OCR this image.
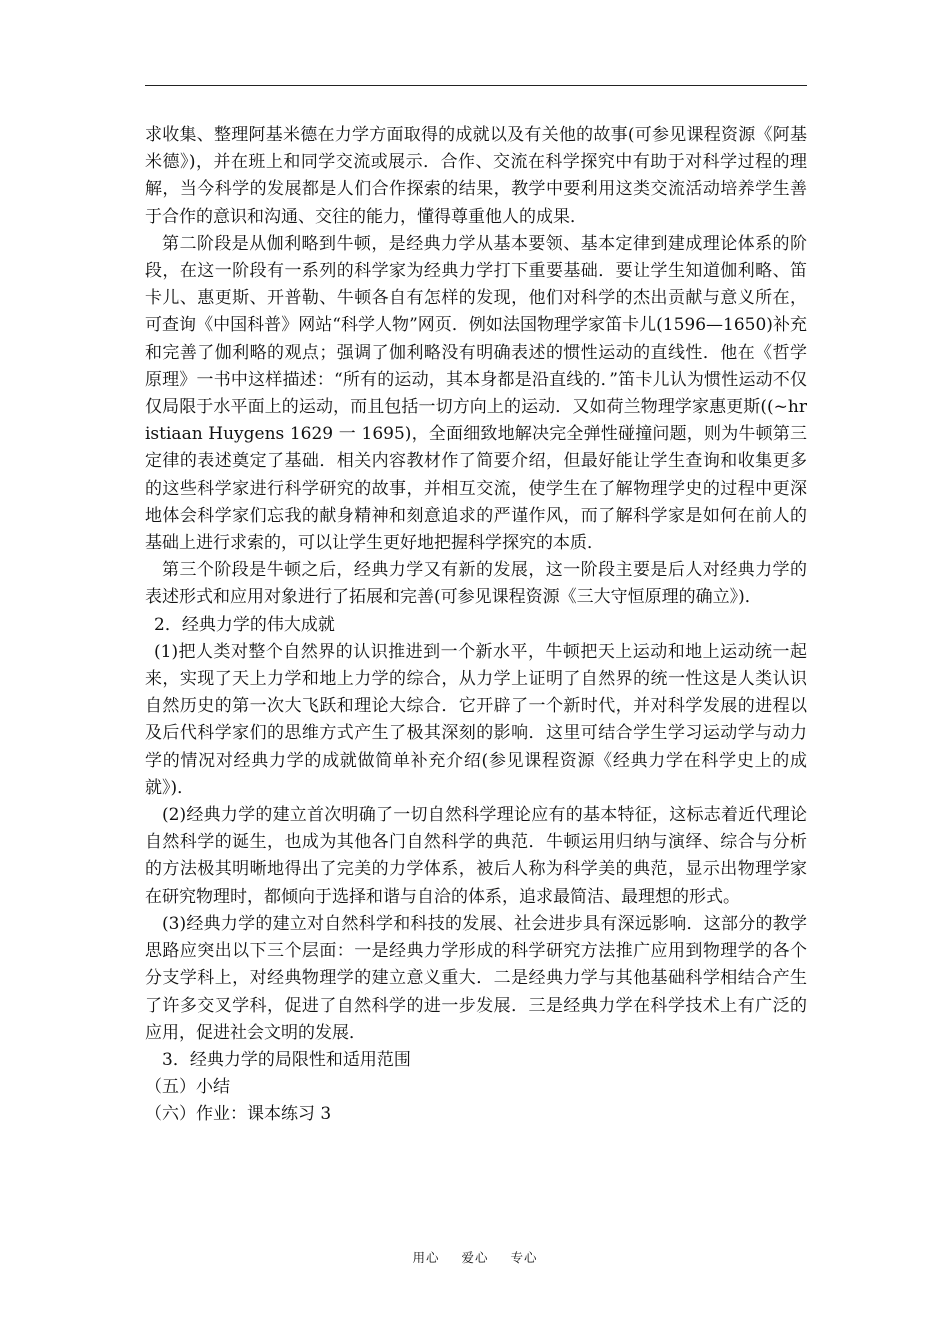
求收集、整理阿基米德在力学方面取得的成就以及有关他的故事(可参见课程资源《阿基米德》)，并在班上和同学交流或展示．合作、交流在科学探究中有助于对科学过程的理解，当今科学的发展都是人们合作探索的结果，教学中要利用这类交流活动培养学生善于合作的意识和沟通、交往的能力，懂得尊重他人的成果．

第二阶段是从伽利略到牛顿，是经典力学从基本要领、基本定律到建成理论体系的阶段，在这一阶段有一系列的科学家为经典力学打下重要基础．要让学生知道伽利略、笛卡儿、惠更斯、开普勒、牛顿各自有怎样的发现，他们对科学的杰出贡献与意义所在，可查询《中国科普》网站“科学人物”网页．例如法国物理学家笛卡儿(1596—1650)补充和完善了伽利略的观点；强调了伽利略没有明确表述的惯性运动的直线性．他在《哲学原理》一书中这样描述：“所有的运动，其本身都是沿直线的．”笛卡儿认为惯性运动不仅仅局限于水平面上的运动，而且包括一切方向上的运动．又如荷兰物理学家惠更斯((~hristiaan Huygens 1629 一 1695)，全面细致地解决完全弹性碰撞问题，则为牛顿第三定律的表述奠定了基础．相关内容教材作了简要介绍，但最好能让学生查询和收集更多的这些科学家进行科学研究的故事，并相互交流，使学生在了解物理学史的过程中更深地体会科学家们忘我的献身精神和刻意追求的严谨作风，而了解科学家是如何在前人的基础上进行求索的，可以让学生更好地把握科学探究的本质．

第三个阶段是牛顿之后，经典力学又有新的发展，这一阶段主要是后人对经典力学的表述形式和应用对象进行了拓展和完善(可参见课程资源《三大守恒原理的确立》)．

2．经典力学的伟大成就

(1)把人类对整个自然界的认识推进到一个新水平，牛顿把天上运动和地上运动统一起来，实现了天上力学和地上力学的综合，从力学上证明了自然界的统一性这是人类认识自然历史的第一次大飞跃和理论大综合．它开辟了一个新时代，并对科学发展的进程以及后代科学家们的思维方式产生了极其深刻的影响．这里可结合学生学习运动学与动力学的情况对经典力学的成就做简单补充介绍(参见课程资源《经典力学在科学史上的成就》)．

(2)经典力学的建立首次明确了一切自然科学理论应有的基本特征，这标志着近代理论自然科学的诞生，也成为其他各门自然科学的典范．牛顿运用归纳与演绎、综合与分析的方法极其明晰地得出了完美的力学体系，被后人称为科学美的典范，显示出物理学家在研究物理时，都倾向于选择和谐与自洽的体系，追求最简洁、最理想的形式。

(3)经典力学的建立对自然科学和科技的发展、社会进步具有深远影响．这部分的教学思路应突出以下三个层面：一是经典力学形成的科学研究方法推广应用到物理学的各个分支学科上，对经典物理学的建立意义重大．二是经典力学与其他基础科学相结合产生了许多交叉学科，促进了自然科学的进一步发展．三是经典力学在科学技术上有广泛的应用，促进社会文明的发展．

3．经典力学的局限性和适用范围

（五）小结

（六）作业：课本练习 3

用心 爱心 专心
